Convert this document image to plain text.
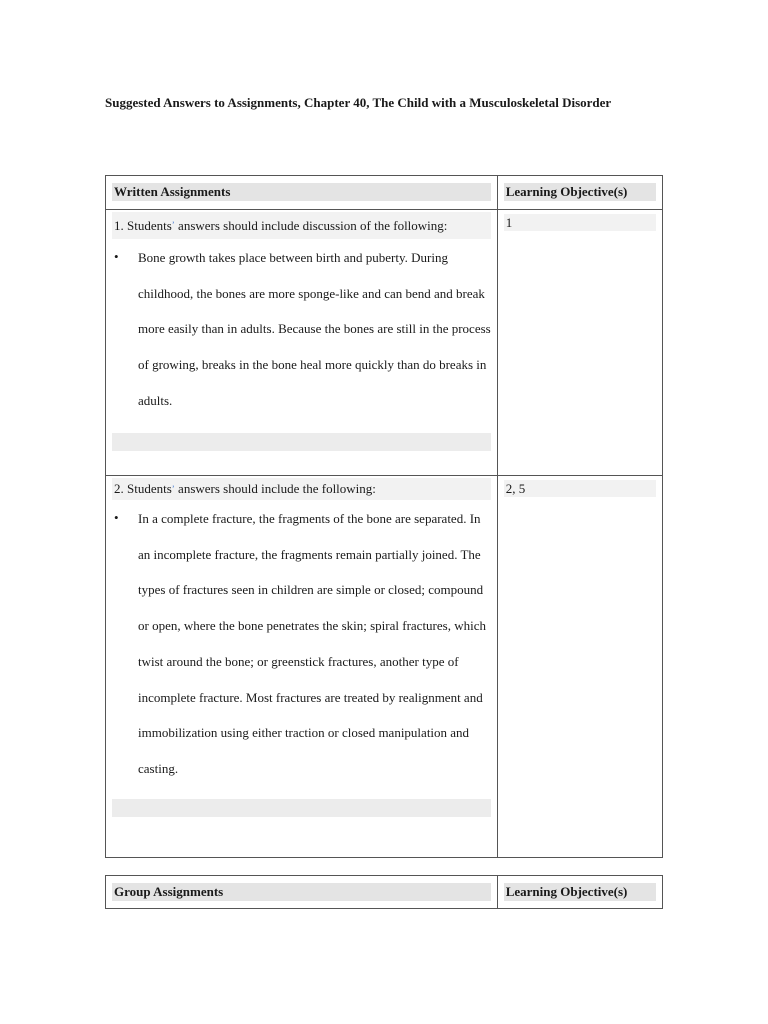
Suggested Answers to Assignments, Chapter 40, The Child with a Musculoskeletal Disorder
Written Assignments	Learning Objective(s)

1. Students’ answers should include discussion of the following:
• Bone growth takes place between birth and puberty. During childhood, the bones are more sponge-like and can bend and break more easily than in adults. Because the bones are still in the process of growing, breaks in the bone heal more quickly than do breaks in adults.	1

2. Students’ answers should include the following:
• In a complete fracture, the fragments of the bone are separated. In an incomplete fracture, the fragments remain partially joined. The types of fractures seen in children are simple or closed; compound or open, where the bone penetrates the skin; spiral fractures, which twist around the bone; or greenstick fractures, another type of incomplete fracture. Most fractures are treated by realignment and immobilization using either traction or closed manipulation and casting.	2, 5
Group Assignments	Learning Objective(s)
